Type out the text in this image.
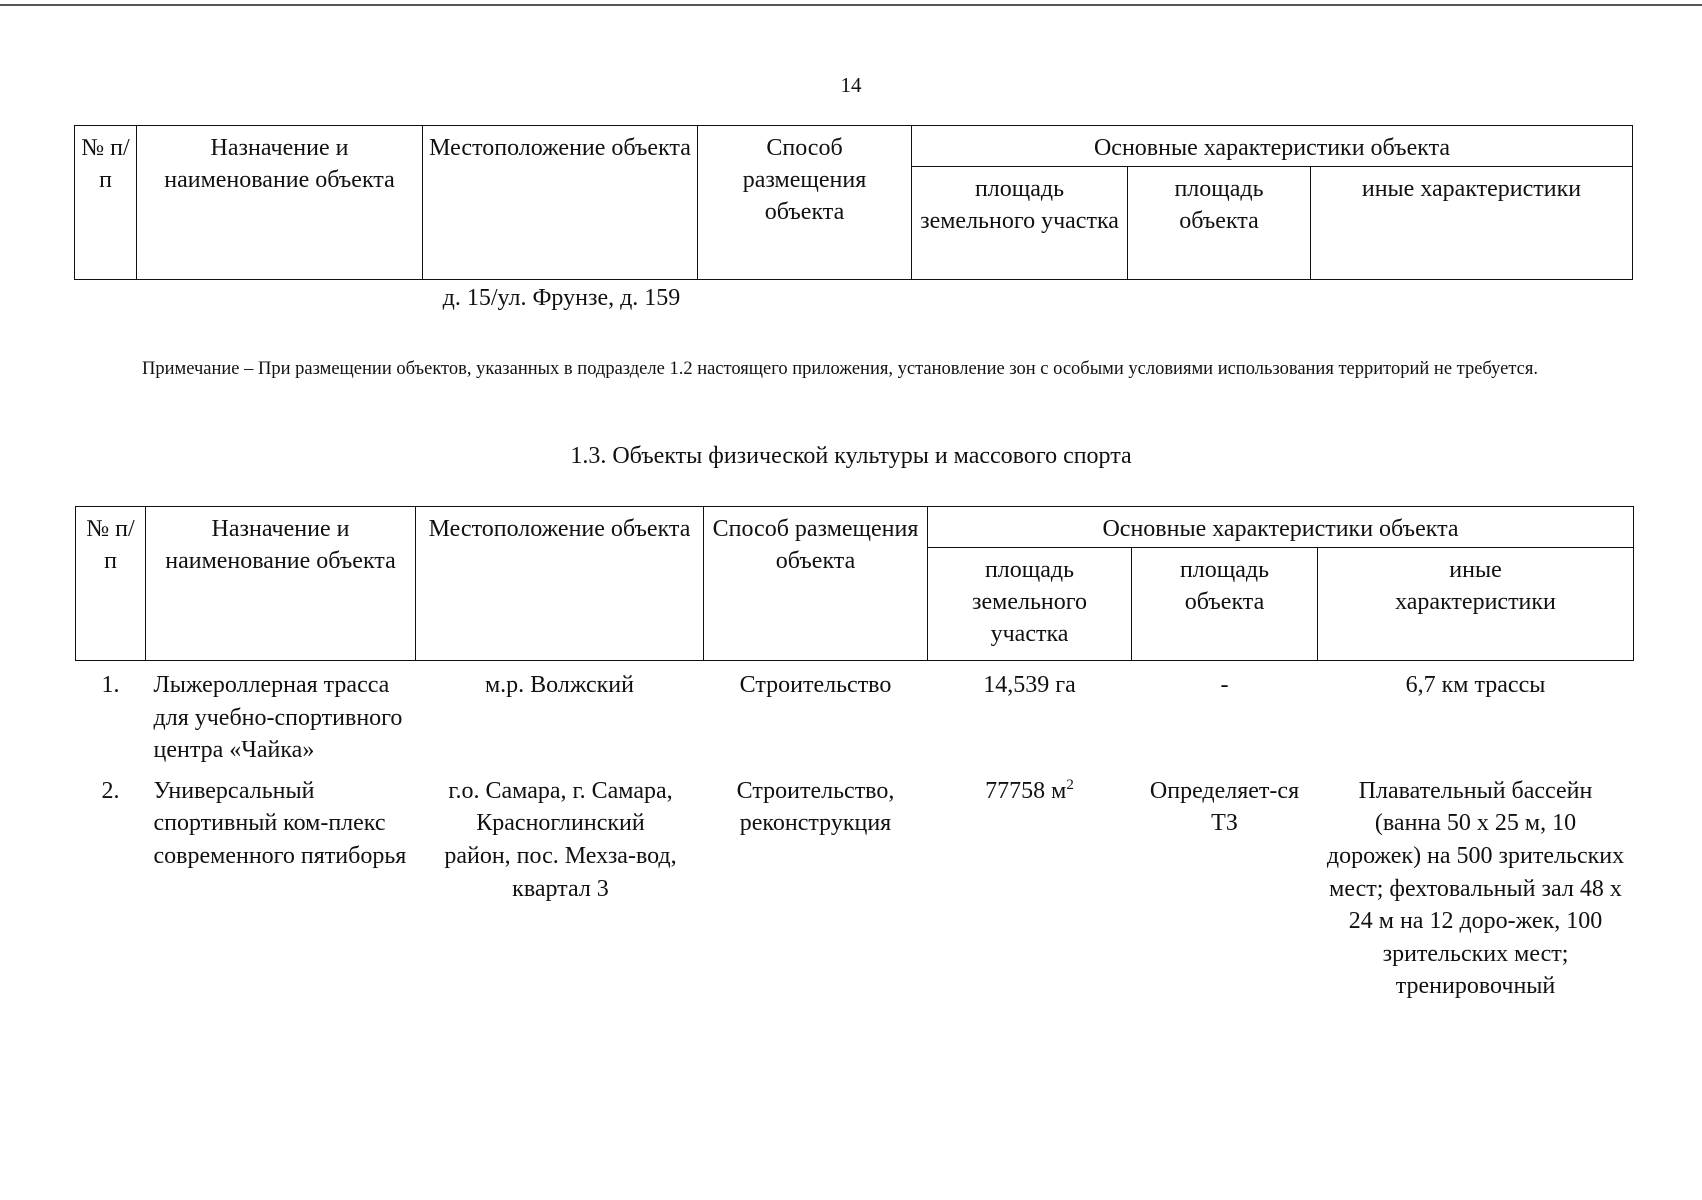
14
№ п/п	Назначение и наименование объекта	Местоположение объекта	Способ размещения объекта	Основные характеристики объекта		
				площадь земельного участка	площадь объекта	иные характеристики
д. 15/ул. Фрунзе, д. 159
Примечание – При размещении объектов, указанных в подразделе 1.2 настоящего приложения, установление зон с особыми условиями использования территорий не требуется.
1.3. Объекты физической культуры и массового спорта
№ п/п	Назначение и наименование объекта	Местоположение объекта	Способ размещения объекта	Основные характеристики объекта		
				площадь земельного участка	площадь объекта	иные характеристики
1.	Лыжероллерная трасса для учебно-спортивного центра «Чайка»	м.р. Волжский	Строительство	14,539 га	-	6,7 км трассы
2.	Универсальный спортивный ком-плекс современного пятиборья	г.о. Самара, г. Самара, Красноглинский район, пос. Мехза-вод, квартал 3	Строительство, реконструкция	77758 $м^2$	Определяет-ся ТЗ	Плавательный бассейн (ванна 50 х 25 м, 10 дорожек) на 500 зрительских мест; фехтовальный зал 48 х 24 м на 12 доро-жек, 100 зрительских мест; тренировочный
